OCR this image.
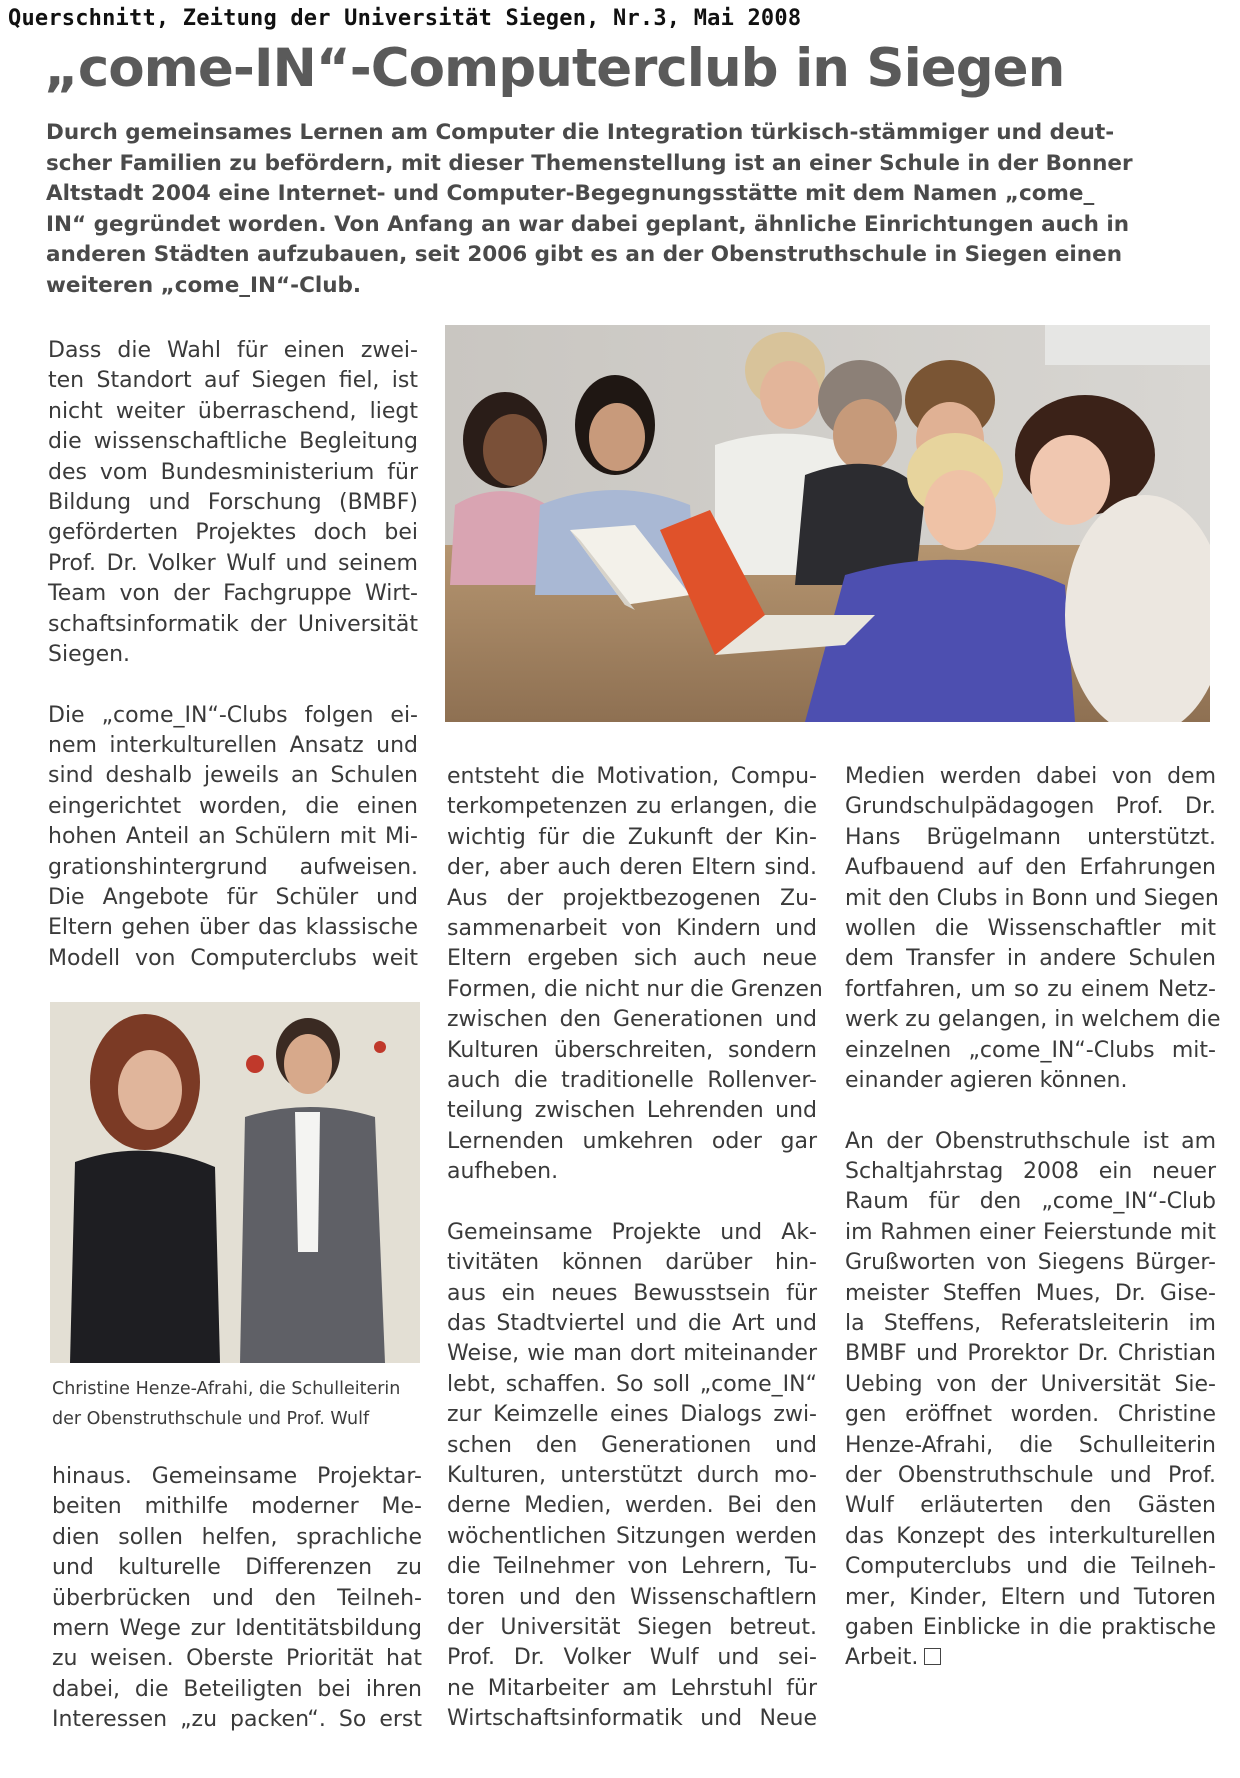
Querschnitt, Zeitung der Universität Siegen, Nr.3, Mai 2008
„come-IN“-Computerclub in Siegen
Durch gemeinsames Lernen am Computer die Integration türkisch-stämmiger und deut-
scher Familien zu befördern, mit dieser Themenstellung ist an einer Schule in der Bonner
Altstadt 2004 eine Internet- und Computer-Begegnungsstätte mit dem Namen „come_
IN“ gegründet worden. Von Anfang an war dabei geplant, ähnliche Einrichtungen auch in
anderen Städten aufzubauen, seit 2006 gibt es an der Obenstruthschule in Siegen einen
weiteren „come_IN“-Club.
Dass die Wahl für einen zwei-
ten Standort auf Siegen fiel, ist
nicht weiter überraschend, liegt
die wissenschaftliche Begleitung
des vom Bundesministerium für
Bildung und Forschung (BMBF)
geförderten Projektes doch bei
Prof. Dr. Volker Wulf und seinem
Team von der Fachgruppe Wirt-
schaftsinformatik der Universität
Siegen.
Die „come_IN“-Clubs folgen ei-
nem interkulturellen Ansatz und
sind deshalb jeweils an Schulen
eingerichtet worden, die einen
hohen Anteil an Schülern mit Mi-
grationshintergrund aufweisen.
Die Angebote für Schüler und
Eltern gehen über das klassische
Modell von Computerclubs weit
Christine Henze-Afrahi, die Schulleiterin
der Obenstruthschule und Prof. Wulf
hinaus. Gemeinsame Projektar-
beiten mithilfe moderner Me-
dien sollen helfen, sprachliche
und kulturelle Differenzen zu
überbrücken und den Teilneh-
mern Wege zur Identitätsbildung
zu weisen. Oberste Priorität hat
dabei, die Beteiligten bei ihren
Interessen „zu packen“. So erst
entsteht die Motivation, Compu-
terkompetenzen zu erlangen, die
wichtig für die Zukunft der Kin-
der, aber auch deren Eltern sind.
Aus der projektbezogenen Zu-
sammenarbeit von Kindern und
Eltern ergeben sich auch neue
Formen, die nicht nur die Grenzen
zwischen den Generationen und
Kulturen überschreiten, sondern
auch die traditionelle Rollenver-
teilung zwischen Lehrenden und
Lernenden umkehren oder gar
aufheben.
Gemeinsame Projekte und Ak-
tivitäten können darüber hin-
aus ein neues Bewusstsein für
das Stadtviertel und die Art und
Weise, wie man dort miteinander
lebt, schaffen. So soll „come_IN“
zur Keimzelle eines Dialogs zwi-
schen den Generationen und
Kulturen, unterstützt durch mo-
derne Medien, werden. Bei den
wöchentlichen Sitzungen werden
die Teilnehmer von Lehrern, Tu-
toren und den Wissenschaftlern
der Universität Siegen betreut.
Prof. Dr. Volker Wulf und sei-
ne Mitarbeiter am Lehrstuhl für
Wirtschaftsinformatik und Neue
Medien werden dabei von dem
Grundschulpädagogen Prof. Dr.
Hans Brügelmann unterstützt.
Aufbauend auf den Erfahrungen
mit den Clubs in Bonn und Siegen
wollen die Wissenschaftler mit
dem Transfer in andere Schulen
fortfahren, um so zu einem Netz-
werk zu gelangen, in welchem die
einzelnen „come_IN“-Clubs mit-
einander agieren können.
An der Obenstruthschule ist am
Schaltjahrstag 2008 ein neuer
Raum für den „come_IN“-Club
im Rahmen einer Feierstunde mit
Grußworten von Siegens Bürger-
meister Steffen Mues, Dr. Gise-
la Steffens, Referatsleiterin im
BMBF und Prorektor Dr. Christian
Uebing von der Universität Sie-
gen eröffnet worden. Christine
Henze-Afrahi, die Schulleiterin
der Obenstruthschule und Prof.
Wulf erläuterten den Gästen
das Konzept des interkulturellen
Computerclubs und die Teilneh-
mer, Kinder, Eltern und Tutoren
gaben Einblicke in die praktische
Arbeit.
